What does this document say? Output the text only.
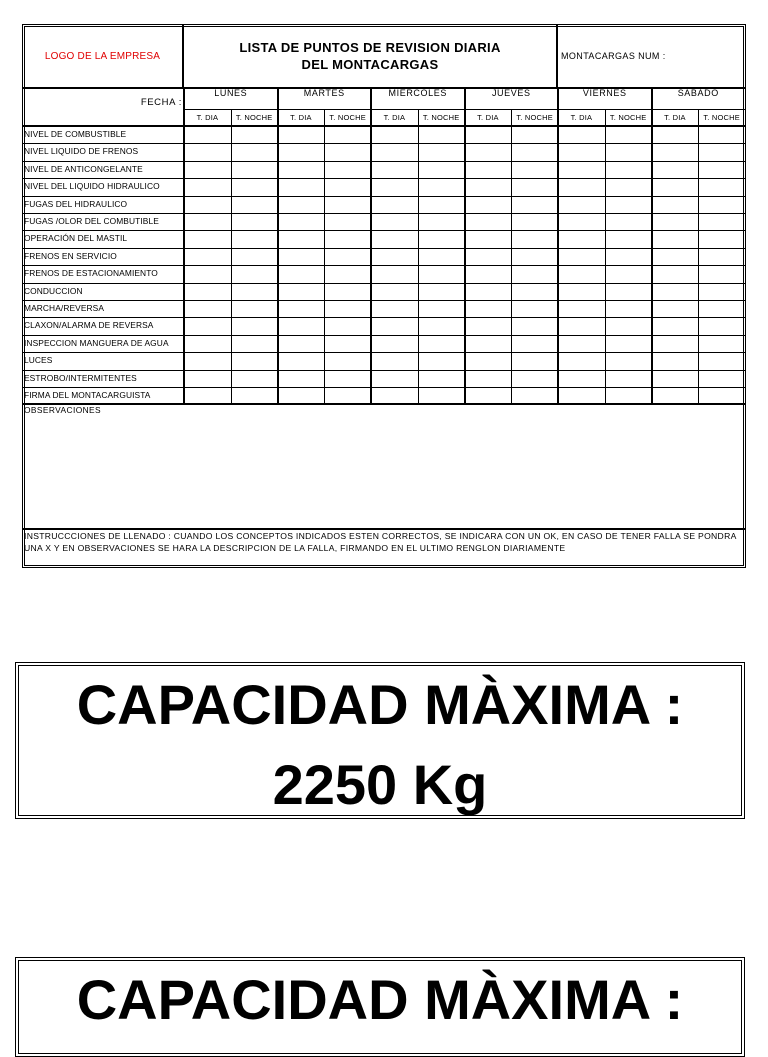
LOGO DE LA EMPRESA
LISTA DE PUNTOS DE REVISION DIARIA
DEL MONTACARGAS
MONTACARGAS NUM :
FECHA :
LUNES
T. DIA	T. NOCHE
MARTES
T. DIA	T. NOCHE
MIERCOLES
T. DIA	T. NOCHE
JUEVES
T. DIA	T. NOCHE
VIERNES
T. DIA	T. NOCHE
SABADO
T. DIA	T. NOCHE
NIVEL DE COMBUSTIBLE
NIVEL LIQUIDO DE FRENOS
NIVEL DE ANTICONGELANTE
NIVEL DEL LIQUIDO HIDRAULICO
FUGAS DEL HIDRAULICO
FUGAS /OLOR DEL COMBUTIBLE
OPERACIÓN DEL MASTIL
FRENOS EN SERVICIO
FRENOS DE ESTACIONAMIENTO
CONDUCCION
MARCHA/REVERSA
CLAXON/ALARMA DE REVERSA
INSPECCION MANGUERA DE AGUA
LUCES
ESTROBO/INTERMITENTES
FIRMA DEL MONTACARGUISTA
OBSERVACIONES
INSTRUCCCIONES DE LLENADO : CUANDO LOS CONCEPTOS INDICADOS ESTEN CORRECTOS, SE INDICARA CON UN OK, EN CASO DE TENER FALLA SE PONDRA UNA X Y EN OBSERVACIONES SE HARA LA DESCRIPCION DE LA FALLA, FIRMANDO EN EL ULTIMO RENGLON DIARIAMENTE
CAPACIDAD MÀXIMA :
2250 Kg
CAPACIDAD MÀXIMA :
